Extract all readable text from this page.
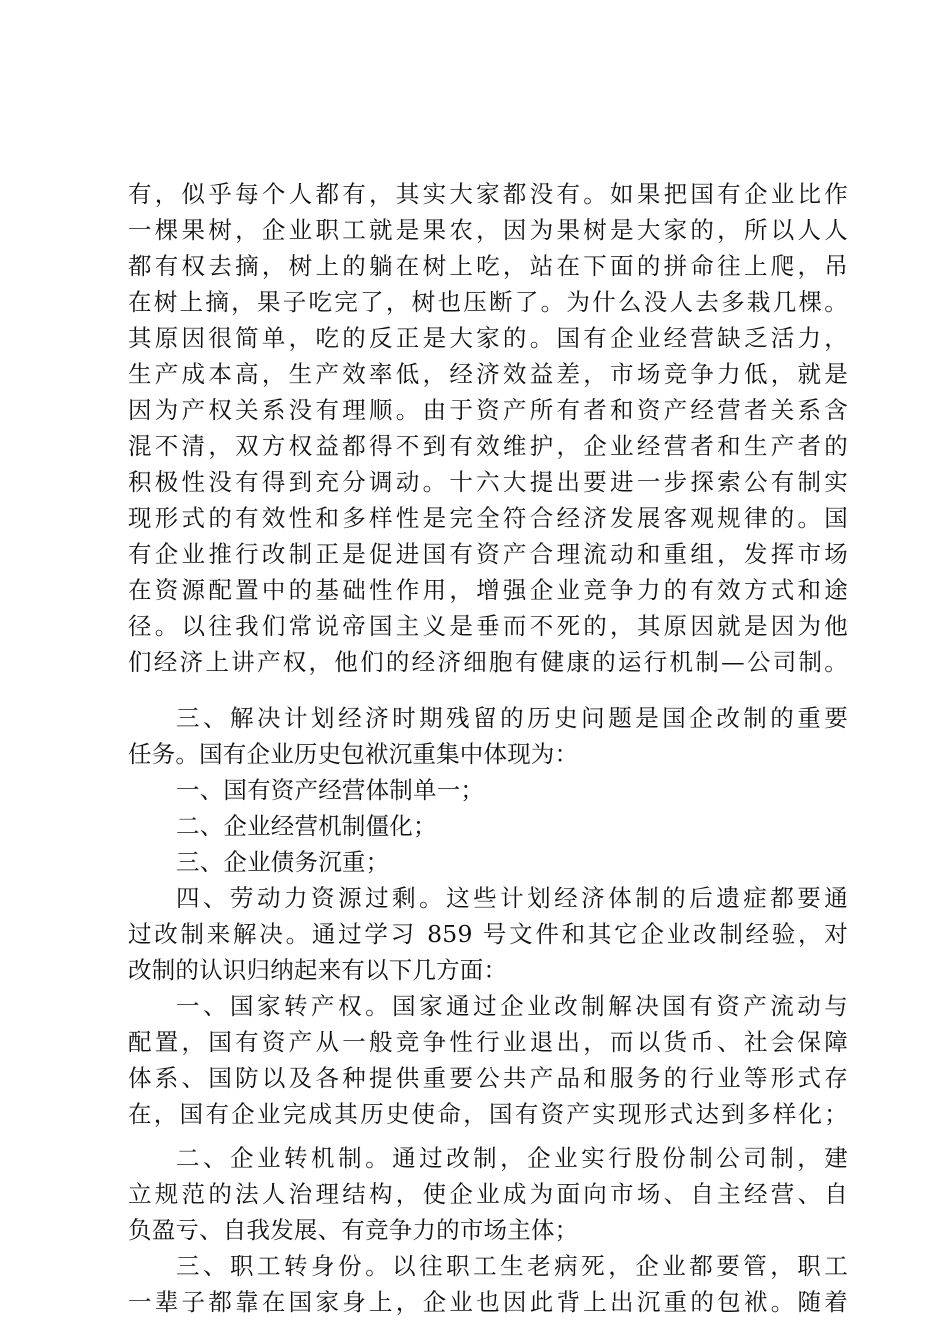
有，似乎每个人都有，其实大家都没有。如果把国有企业比作
一棵果树，企业职工就是果农，因为果树是大家的，所以人人
都有权去摘，树上的躺在树上吃，站在下面的拼命往上爬，吊
在树上摘，果子吃完了，树也压断了。为什么没人去多栽几棵。
其原因很简单，吃的反正是大家的。国有企业经营缺乏活力，
生产成本高，生产效率低，经济效益差，市场竞争力低，就是
因为产权关系没有理顺。由于资产所有者和资产经营者关系含
混不清，双方权益都得不到有效维护，企业经营者和生产者的
积极性没有得到充分调动。十六大提出要进一步探索公有制实
现形式的有效性和多样性是完全符合经济发展客观规律的。国
有企业推行改制正是促进国有资产合理流动和重组，发挥市场
在资源配置中的基础性作用，增强企业竞争力的有效方式和途
径。以往我们常说帝国主义是垂而不死的，其原因就是因为他
们经济上讲产权，他们的经济细胞有健康的运行机制—公司制。
三、解决计划经济时期残留的历史问题是国企改制的重要
任务。国有企业历史包袱沉重集中体现为：
一、国有资产经营体制单一；
二、企业经营机制僵化；
三、企业债务沉重；
四、劳动力资源过剩。这些计划经济体制的后遗症都要通
过改制来解决。通过学习 859 号文件和其它企业改制经验，对
改制的认识归纳起来有以下几方面：
一、国家转产权。国家通过企业改制解决国有资产流动与
配置，国有资产从一般竞争性行业退出，而以货币、社会保障
体系、国防以及各种提供重要公共产品和服务的行业等形式存
在，国有企业完成其历史使命，国有资产实现形式达到多样化；
二、企业转机制。通过改制，企业实行股份制公司制，建
立规范的法人治理结构，使企业成为面向市场、自主经营、自
负盈亏、自我发展、有竞争力的市场主体；
三、职工转身份。以往职工生老病死，企业都要管，职工
一辈子都靠在国家身上，企业也因此背上出沉重的包袱。随着
